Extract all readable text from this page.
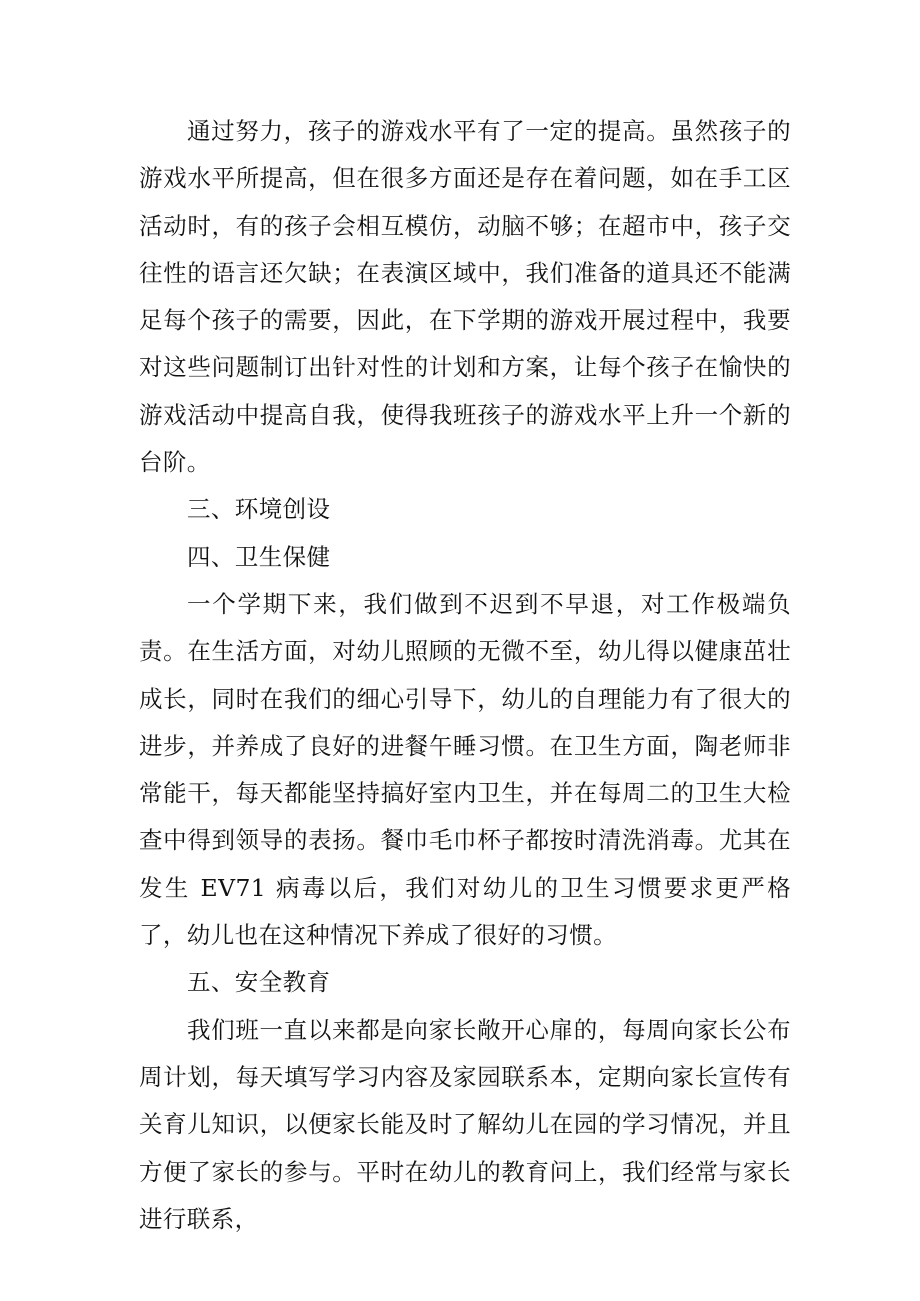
通过努力，孩子的游戏水平有了一定的提高。虽然孩子的游戏水平所提高，但在很多方面还是存在着问题，如在手工区活动时，有的孩子会相互模仿，动脑不够；在超市中，孩子交往性的语言还欠缺；在表演区域中，我们准备的道具还不能满足每个孩子的需要，因此，在下学期的游戏开展过程中，我要对这些问题制订出针对性的计划和方案，让每个孩子在愉快的游戏活动中提高自我，使得我班孩子的游戏水平上升一个新的台阶。

三、环境创设

四、卫生保健

一个学期下来，我们做到不迟到不早退，对工作极端负责。在生活方面，对幼儿照顾的无微不至，幼儿得以健康茁壮成长，同时在我们的细心引导下，幼儿的自理能力有了很大的进步，并养成了良好的进餐午睡习惯。在卫生方面，陶老师非常能干，每天都能坚持搞好室内卫生，并在每周二的卫生大检查中得到领导的表扬。餐巾毛巾杯子都按时清洗消毒。尤其在发生 EV71 病毒以后，我们对幼儿的卫生习惯要求更严格了，幼儿也在这种情况下养成了很好的习惯。

五、安全教育

我们班一直以来都是向家长敞开心扉的，每周向家长公布周计划，每天填写学习内容及家园联系本，定期向家长宣传有关育儿知识，以便家长能及时了解幼儿在园的学习情况，并且方便了家长的参与。平时在幼儿的教育问上，我们经常与家长进行联系，
